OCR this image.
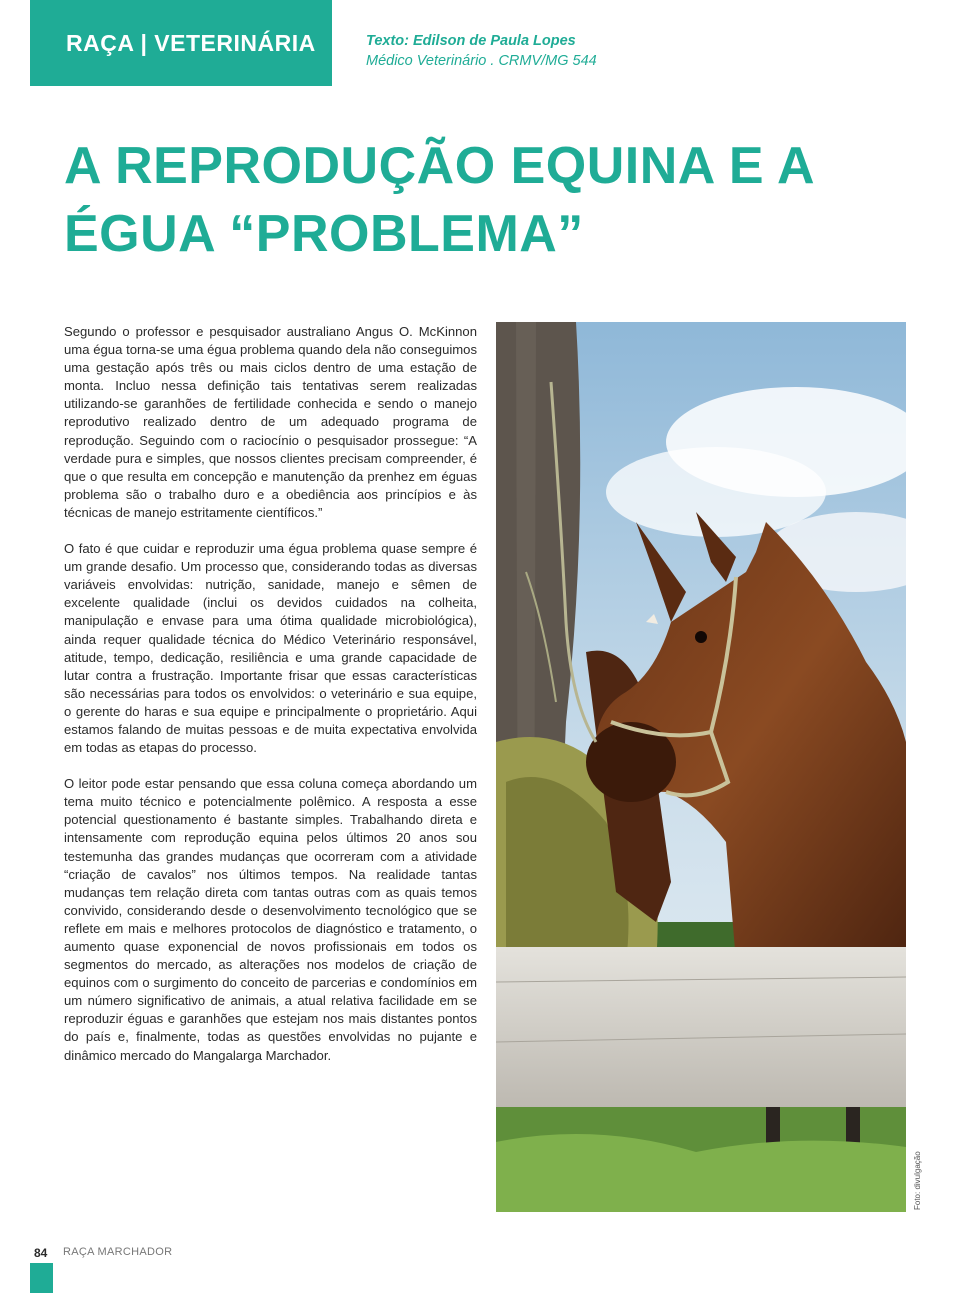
RAÇA | VETERINÁRIA	Texto: Edilson de Paula Lopes
Médico Veterinário . CRMV/MG 544
A REPRODUÇÃO EQUINA E A
ÉGUA “PROBLEMA”

Segundo o professor e pesquisador australiano Angus O. McKinnon uma égua torna-se uma égua problema quando dela não conseguimos uma gestação após três ou mais ciclos dentro de uma estação de monta. Incluo nessa definição tais tentativas serem realizadas utilizando-se garanhões de fertilidade conhecida e sendo o manejo reprodutivo realizado dentro de um adequado programa de reprodução. Seguindo com o raciocínio o pesquisador prossegue: “A verdade pura e simples, que nossos clientes precisam compreender, é que o que resulta em concepção e manutenção da prenhez em éguas problema são o trabalho duro e a obediência aos princípios e às técnicas de manejo estritamente científicos.”

O fato é que cuidar e reproduzir uma égua problema quase sempre é um grande desafio. Um processo que, considerando todas as diversas variáveis envolvidas: nutrição, sanidade, manejo e sêmen de excelente qualidade (inclui os devidos cuidados na colheita, manipulação e envase para uma ótima qualidade microbiológica), ainda requer qualidade técnica do Médico Veterinário responsável, atitude, tempo, dedicação, resiliência e uma grande capacidade de lutar contra a frustração. Importante frisar que essas características são necessárias para todos os envolvidos: o veterinário e sua equipe, o gerente do haras e sua equipe e principalmente o proprietário. Aqui estamos falando de muitas pessoas e de muita expectativa envolvida em todas as etapas do processo.

O leitor pode estar pensando que essa coluna começa abordando um tema muito técnico e potencialmente polêmico. A resposta a esse potencial questionamento é bastante simples. Trabalhando direta e intensamente com reprodução equina pelos últimos 20 anos sou testemunha das grandes mudanças que ocorreram com a atividade “criação de cavalos” nos últimos tempos. Na realidade tantas mudanças tem relação direta com tantas outras com as quais temos convivido, considerando desde o desenvolvimento tecnológico que se reflete em mais e melhores protocolos de diagnóstico e tratamento, o aumento quase exponencial de novos profissionais em todos os segmentos do mercado, as alterações nos modelos de criação de equinos com o surgimento do conceito de parcerias e condomínios em um número significativo de animais, a atual relativa facilidade em se reproduzir éguas e garanhões que estejam nos mais distantes pontos do país e, finalmente, todas as questões envolvidas no pujante e dinâmico mercado do Mangalarga Marchador.

Foto: divulgação
84 RAÇA MARCHADOR
